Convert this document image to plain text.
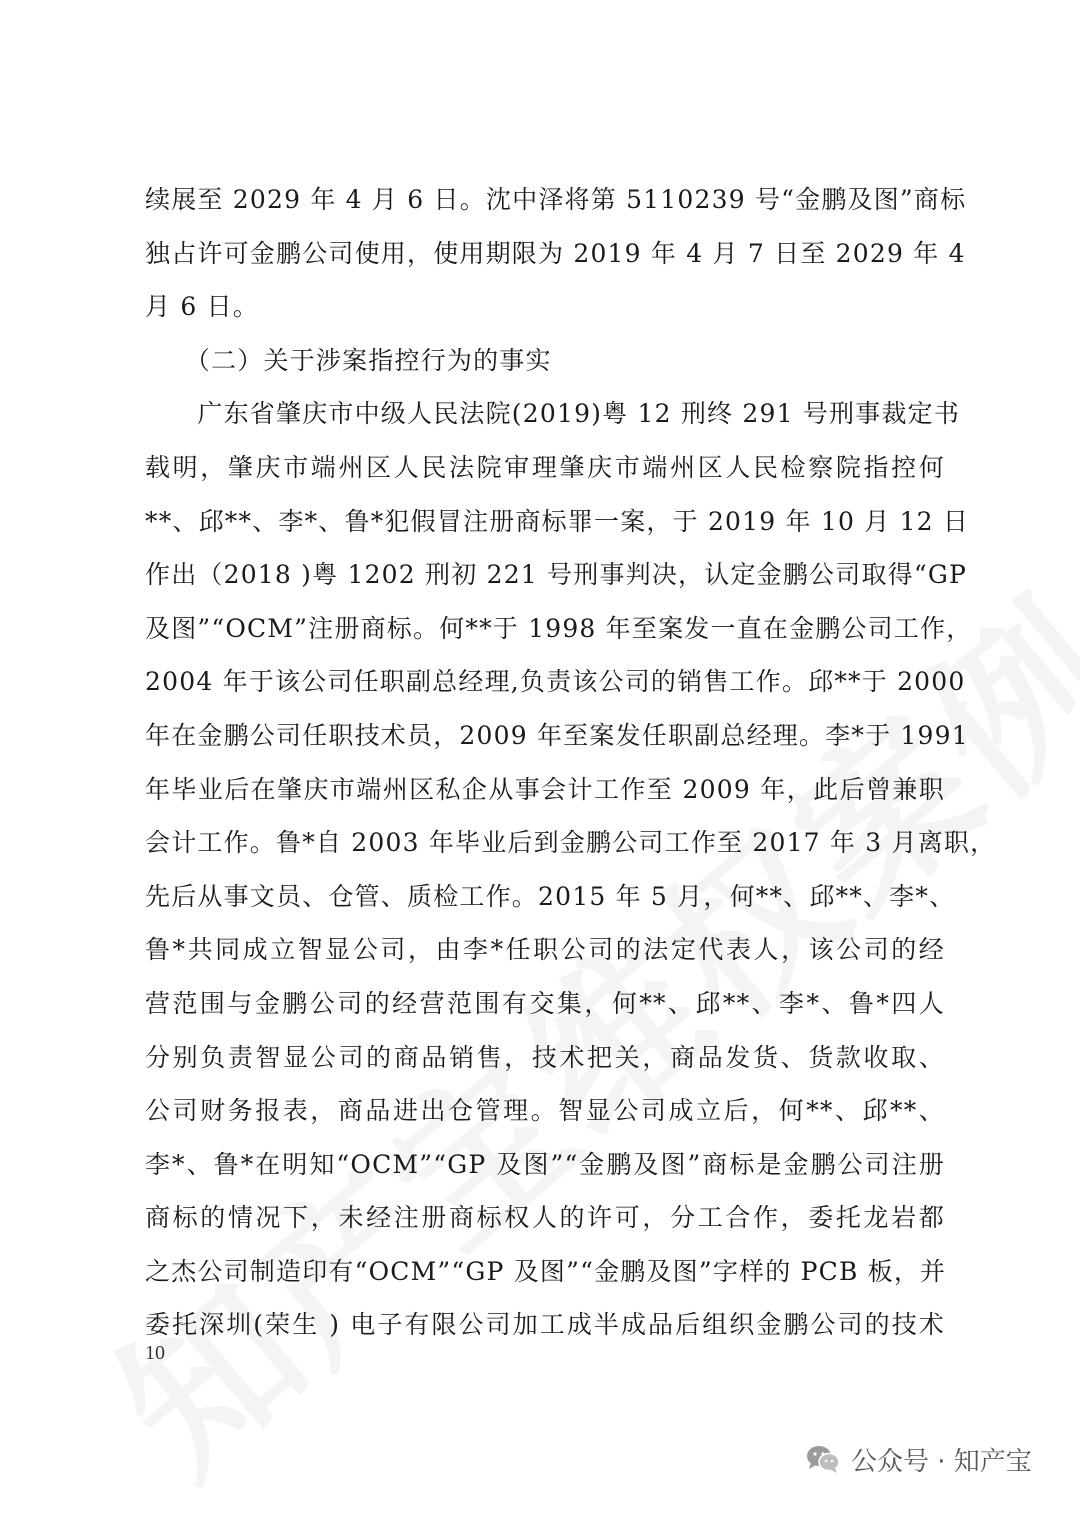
续展至 2029 年 4 月 6 日。沈中泽将第 5110239 号“金鹏及图”商标
独占许可金鹏公司使用，使用期限为 2019 年 4 月 7 日至 2029 年 4
月 6 日。
　　（二）关于涉案指控行为的事实
　　广东省肇庆市中级人民法院(2019)粤 12 刑终 291 号刑事裁定书
载明，肇庆市端州区人民法院审理肇庆市端州区人民检察院指控何
**、邱**、李*、鲁*犯假冒注册商标罪一案，于 2019 年 10 月 12 日
作出（2018 )粤 1202 刑初 221 号刑事判决，认定金鹏公司取得“GP
及图”“OCM”注册商标。何**于 1998 年至案发一直在金鹏公司工作，
2004 年于该公司任职副总经理,负责该公司的销售工作。邱**于 2000
年在金鹏公司任职技术员，2009 年至案发任职副总经理。李*于 1991
年毕业后在肇庆市端州区私企从事会计工作至 2009 年，此后曾兼职
会计工作。鲁*自 2003 年毕业后到金鹏公司工作至 2017 年 3 月离职，
先后从事文员、仓管、质检工作。2015 年 5 月，何**、邱**、李*、
鲁*共同成立智显公司，由李*任职公司的法定代表人，该公司的经
营范围与金鹏公司的经营范围有交集，何**、邱**、李*、鲁*四人
分别负责智显公司的商品销售，技术把关，商品发货、货款收取、
公司财务报表，商品进出仓管理。智显公司成立后，何**、邱**、
李*、鲁*在明知“OCM”“GP 及图”“金鹏及图”商标是金鹏公司注册
商标的情况下，未经注册商标权人的许可，分工合作，委托龙岩都
之杰公司制造印有“OCM”“GP 及图”“金鹏及图”字样的 PCB 板，并
委托深圳(荣生 ) 电子有限公司加工成半成品后组织金鹏公司的技术
10
公众号 · 知产宝
